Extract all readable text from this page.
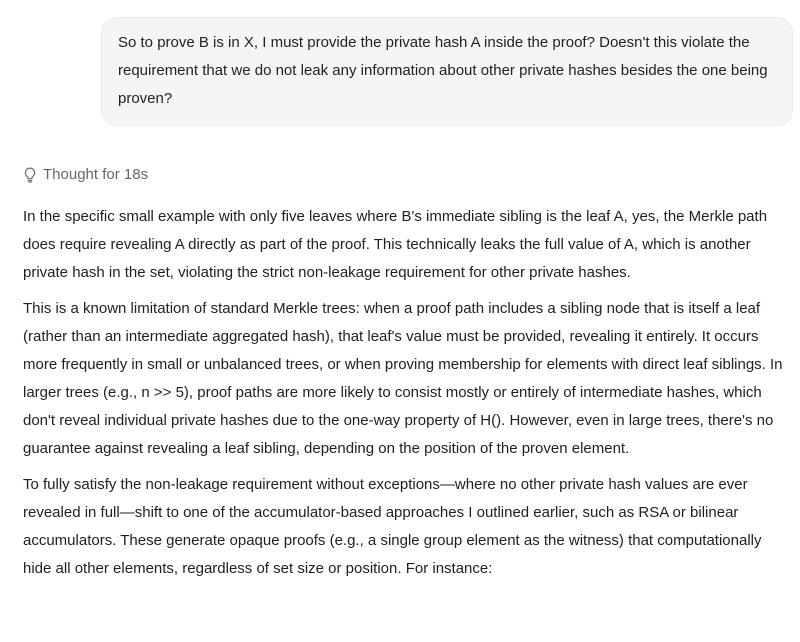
So to prove B is in X, I must provide the private hash A inside the proof? Doesn't this violate the requirement that we do not leak any information about other private hashes besides the one being proven?
Thought for 18s

In the specific small example with only five leaves where B's immediate sibling is the leaf A, yes, the Merkle path does require revealing A directly as part of the proof. This technically leaks the full value of A, which is another private hash in the set, violating the strict non-leakage requirement for other private hashes.

This is a known limitation of standard Merkle trees: when a proof path includes a sibling node that is itself a leaf (rather than an intermediate aggregated hash), that leaf's value must be provided, revealing it entirely. It occurs more frequently in small or unbalanced trees, or when proving membership for elements with direct leaf siblings. In larger trees (e.g., n >> 5), proof paths are more likely to consist mostly or entirely of intermediate hashes, which don't reveal individual private hashes due to the one-way property of H(). However, even in large trees, there's no guarantee against revealing a leaf sibling, depending on the position of the proven element.

To fully satisfy the non-leakage requirement without exceptions—where no other private hash values are ever revealed in full—shift to one of the accumulator-based approaches I outlined earlier, such as RSA or bilinear accumulators. These generate opaque proofs (e.g., a single group element as the witness) that computationally hide all other elements, regardless of set size or position. For instance:
